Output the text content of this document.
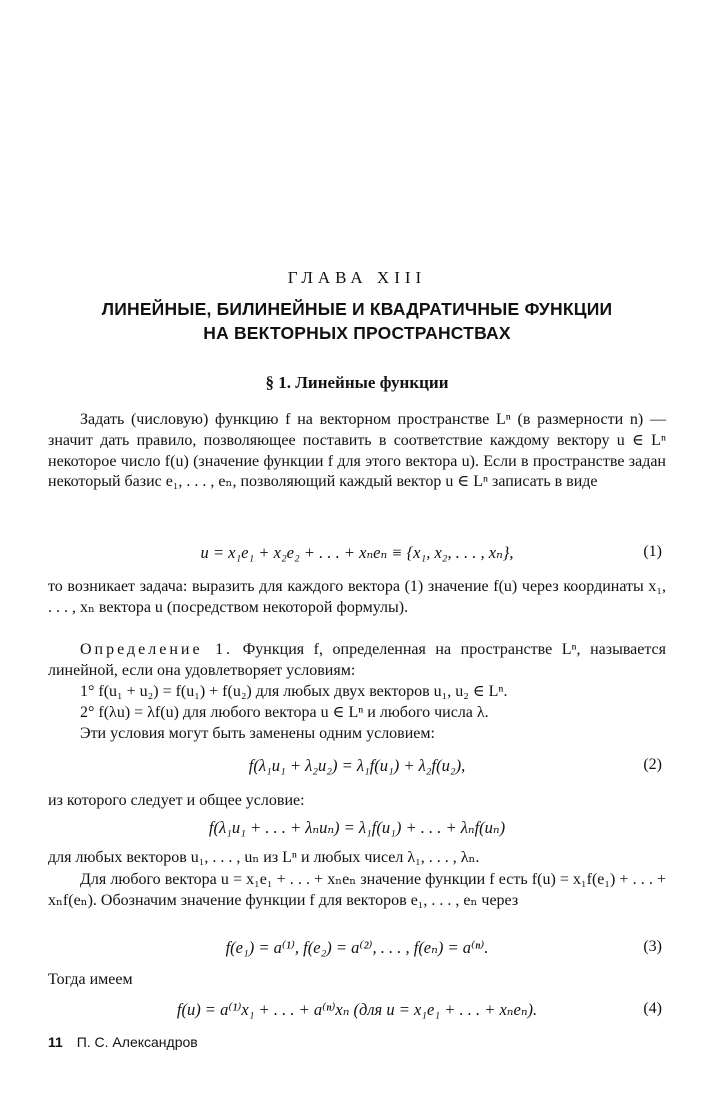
ГЛАВА XIII
ЛИНЕЙНЫЕ, БИЛИНЕЙНЫЕ И КВАДРАТИЧНЫЕ ФУНКЦИИ
НА ВЕКТОРНЫХ ПРОСТРАНСТВАХ
§ 1. Линейные функции
Задать (числовую) функцию f на векторном пространстве Lⁿ (в размерности n) — значит дать правило, позволяющее поставить в соответствие каждому вектору u ∈ Lⁿ некоторое число f(u) (значение функции f для этого вектора u). Если в пространстве задан некоторый базис e₁, . . . , eₙ, позволяющий каждый вектор u ∈ Lⁿ записать в виде
u = x₁e₁ + x₂e₂ + . . . + xₙeₙ ≡ {x₁, x₂, . . . , xₙ},	(1)
то возникает задача: выразить для каждого вектора (1) значение f(u) через координаты x₁, . . . , xₙ вектора u (посредством некоторой формулы).
Определение 1. Функция f, определенная на пространстве Lⁿ, называется линейной, если она удовлетворяет условиям:
1° f(u₁ + u₂) = f(u₁) + f(u₂) для любых двух векторов u₁, u₂ ∈ Lⁿ.
2° f(λu) = λf(u) для любого вектора u ∈ Lⁿ и любого числа λ.
Эти условия могут быть заменены одним условием:
f(λ₁u₁ + λ₂u₂) = λ₁f(u₁) + λ₂f(u₂),	(2)
из которого следует и общее условие:
f(λ₁u₁ + . . . + λₙuₙ) = λ₁f(u₁) + . . . + λₙf(uₙ)
для любых векторов u₁, . . . , uₙ из Lⁿ и любых чисел λ₁, . . . , λₙ.
Для любого вектора u = x₁e₁ + . . . + xₙeₙ значение функции f есть f(u) = x₁f(e₁) + . . . + xₙf(eₙ). Обозначим значение функции f для векторов e₁, . . . , eₙ через
f(e₁) = a⁽¹⁾, f(e₂) = a⁽²⁾, . . . , f(eₙ) = a⁽ⁿ⁾.	(3)
Тогда имеем
f(u) = a⁽¹⁾x₁ + . . . + a⁽ⁿ⁾xₙ (для u = x₁e₁ + . . . + xₙeₙ).	(4)
11 П. С. Александров
